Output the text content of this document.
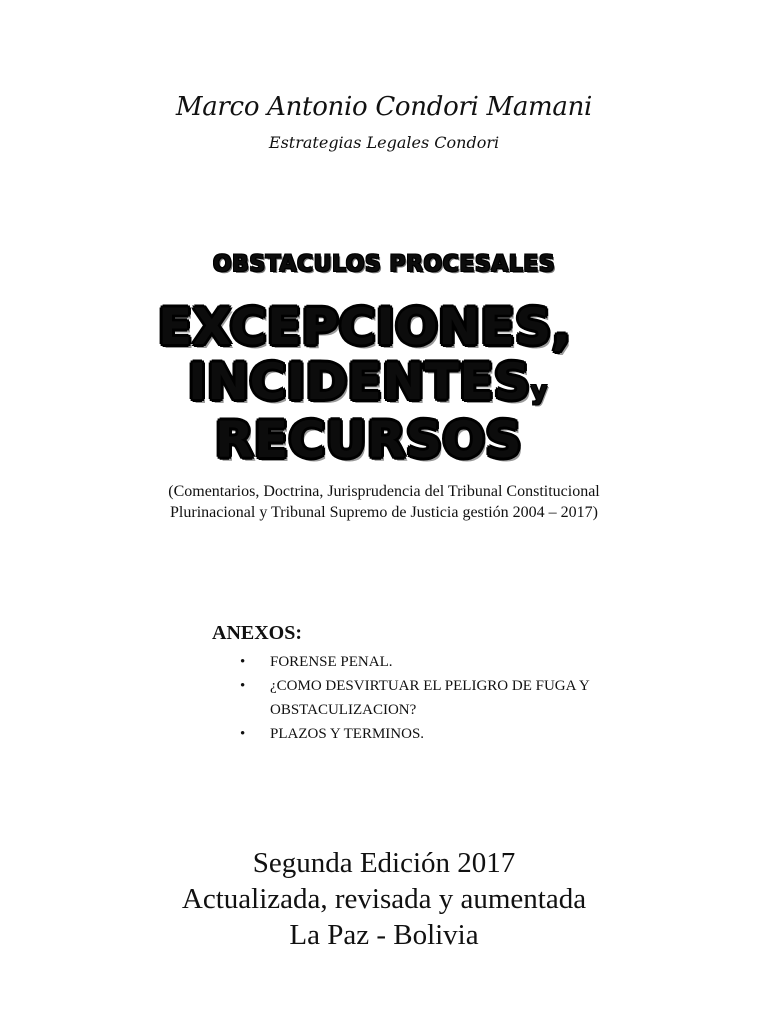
Marco Antonio Condori Mamani
Estrategias Legales Condori
OBSTACULOS PROCESALES
EXCEPCIONES,
INCIDENTESy
RECURSOS
(Comentarios, Doctrina, Jurisprudencia del Tribunal Constitucional
Plurinacional y Tribunal Supremo de Justicia gestión 2004 – 2017)
ANEXOS:
• FORENSE PENAL.
• ¿COMO DESVIRTUAR EL PELIGRO DE FUGA Y
OBSTACULIZACION?
• PLAZOS Y TERMINOS.
Segunda Edición 2017
Actualizada, revisada y aumentada
La Paz - Bolivia
